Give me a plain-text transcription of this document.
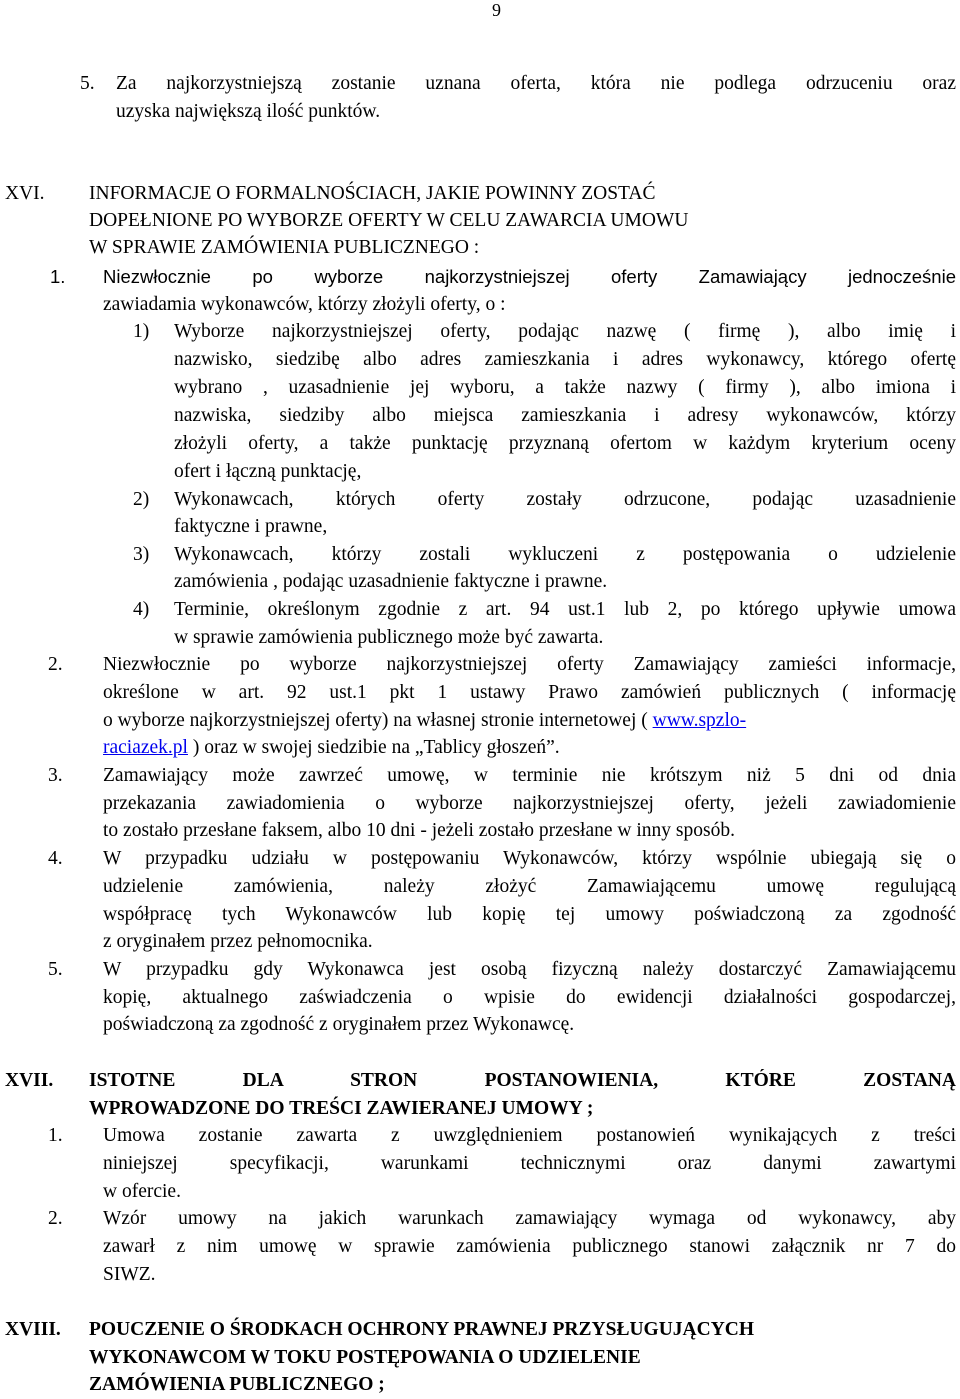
9
5. Za najkorzystniejszą zostanie uznana oferta, która nie podlega odrzuceniu oraz
uzyska największą ilość punktów.
XVI. INFORMACJE O FORMALNOŚCIACH, JAKIE POWINNY ZOSTAĆ
DOPEŁNIONE PO WYBORZE OFERTY W CELU ZAWARCIA UMOWU
W SPRAWIE ZAMÓWIENIA PUBLICZNEGO :
1. Niezwłocznie po wyborze najkorzystniejszej oferty Zamawiający jednocześnie
zawiadamia wykonawców, którzy złożyli oferty, o :
1) Wyborze najkorzystniejszej oferty, podając nazwę ( firmę ), albo imię i
nazwisko, siedzibę albo adres zamieszkania i adres wykonawcy, którego ofertę
wybrano , uzasadnienie jej wyboru, a także nazwy ( firmy ), albo imiona i
nazwiska, siedziby albo miejsca zamieszkania i adresy wykonawców, którzy
złożyli oferty, a także punktację przyznaną ofertom w każdym kryterium oceny
ofert i łączną punktację,
2) Wykonawcach, których oferty zostały odrzucone, podając uzasadnienie
faktyczne i prawne,
3) Wykonawcach, którzy zostali wykluczeni z postępowania o udzielenie
zamówienia , podając uzasadnienie faktyczne i prawne.
4) Terminie, określonym zgodnie z art. 94 ust.1 lub 2, po którego upływie umowa
w sprawie zamówienia publicznego może być zawarta.
2. Niezwłocznie po wyborze najkorzystniejszej oferty Zamawiający zamieści informacje,
określone w art. 92 ust.1 pkt 1 ustawy Prawo zamówień publicznych ( informację
o wyborze najkorzystniejszej oferty) na własnej stronie internetowej ( www.spzlo-
raciazek.pl ) oraz w swojej siedzibie na „Tablicy głoszeń”.
3. Zamawiający może zawrzeć umowę, w terminie nie krótszym niż 5 dni od dnia
przekazania zawiadomienia o wyborze najkorzystniejszej oferty, jeżeli zawiadomienie
to zostało przesłane faksem, albo 10 dni - jeżeli zostało przesłane w inny sposób.
4. W przypadku udziału w postępowaniu Wykonawców, którzy wspólnie ubiegają się o
udzielenie zamówienia, należy złożyć Zamawiającemu umowę regulującą
współpracę tych Wykonawców lub kopię tej umowy poświadczoną za zgodność
z oryginałem przez pełnomocnika.
5. W przypadku gdy Wykonawca jest osobą fizyczną należy dostarczyć Zamawiającemu
kopię, aktualnego zaświadczenia o wpisie do ewidencji działalności gospodarczej,
poświadczoną za zgodność z oryginałem przez Wykonawcę.
XVII. ISTOTNE DLA STRON POSTANOWIENIA, KTÓRE ZOSTANĄ
WPROWADZONE DO TREŚCI ZAWIERANEJ UMOWY ;
1. Umowa zostanie zawarta z uwzględnieniem postanowień wynikających z treści
niniejszej specyfikacji, warunkami technicznymi oraz danymi zawartymi
w ofercie.
2. Wzór umowy na jakich warunkach zamawiający wymaga od wykonawcy, aby
zawarł z nim umowę w sprawie zamówienia publicznego stanowi załącznik nr 7 do
SIWZ.
XVIII. POUCZENIE O ŚRODKACH OCHRONY PRAWNEJ PRZYSŁUGUJĄCYCH
WYKONAWCOM W TOKU POSTĘPOWANIA O UDZIELENIE
ZAMÓWIENIA PUBLICZNEGO ;
